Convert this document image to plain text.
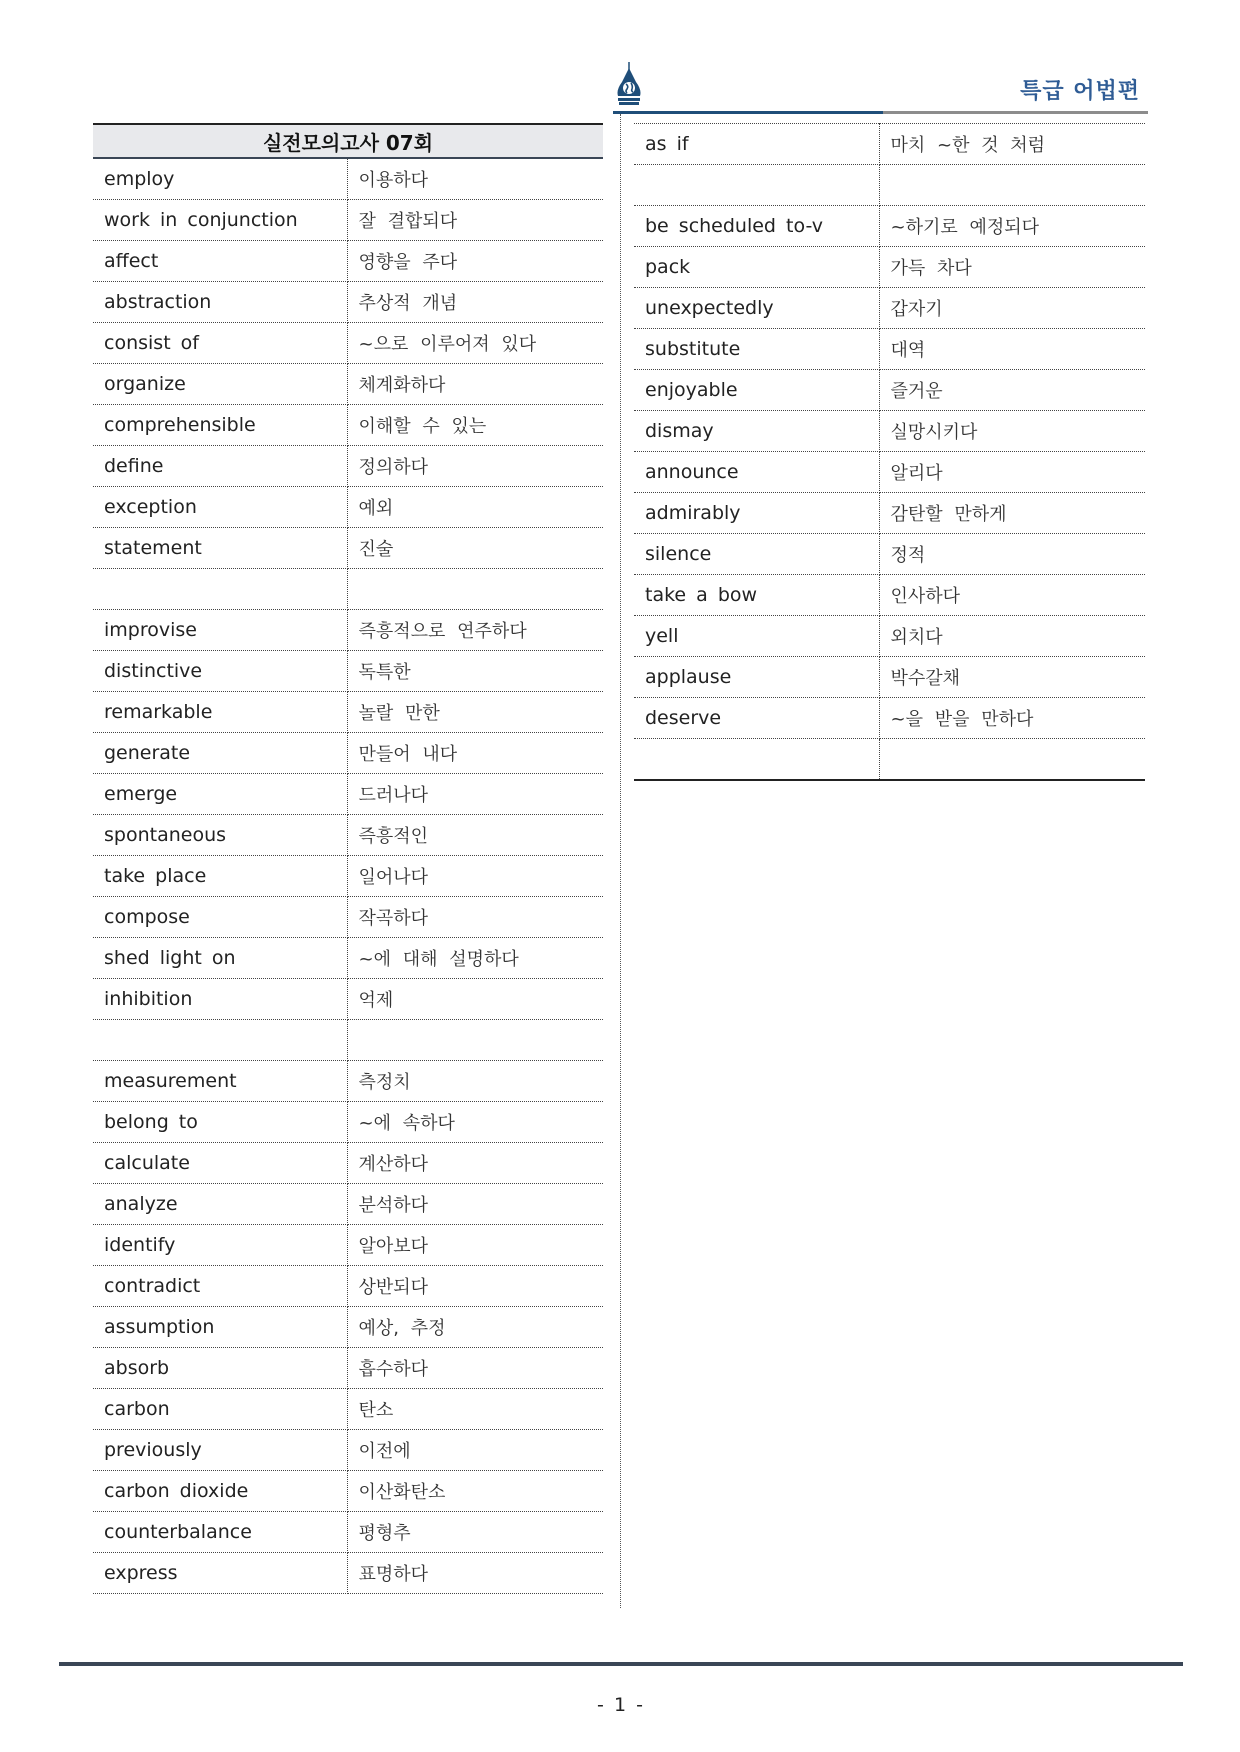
특급 어법편
실전모의고사 07회	
employ	이용하다
work in conjunction	잘 결합되다
affect	영향을 주다
abstraction	추상적 개념
consist of	~으로 이루어져 있다
organize	체계화하다
comprehensible	이해할 수 있는
define	정의하다
exception	예외
statement	진술

improvise	즉흥적으로 연주하다
distinctive	독특한
remarkable	놀랄 만한
generate	만들어 내다
emerge	드러나다
spontaneous	즉흥적인
take place	일어나다
compose	작곡하다
shed light on	~에 대해 설명하다
inhibition	억제

measurement	측정치
belong to	~에 속하다
calculate	계산하다
analyze	분석하다
identify	알아보다
contradict	상반되다
assumption	예상, 추정
absorb	흡수하다
carbon	탄소
previously	이전에
carbon dioxide	이산화탄소
counterbalance	평형추
express	표명하다
as if	마치 ~한 것 처럼

be scheduled to-v	~하기로 예정되다
pack	가득 차다
unexpectedly	갑자기
substitute	대역
enjoyable	즐거운
dismay	실망시키다
announce	알리다
admirably	감탄할 만하게
silence	정적
take a bow	인사하다
yell	외치다
applause	박수갈채
deserve	~을 받을 만하다

- 1 -
